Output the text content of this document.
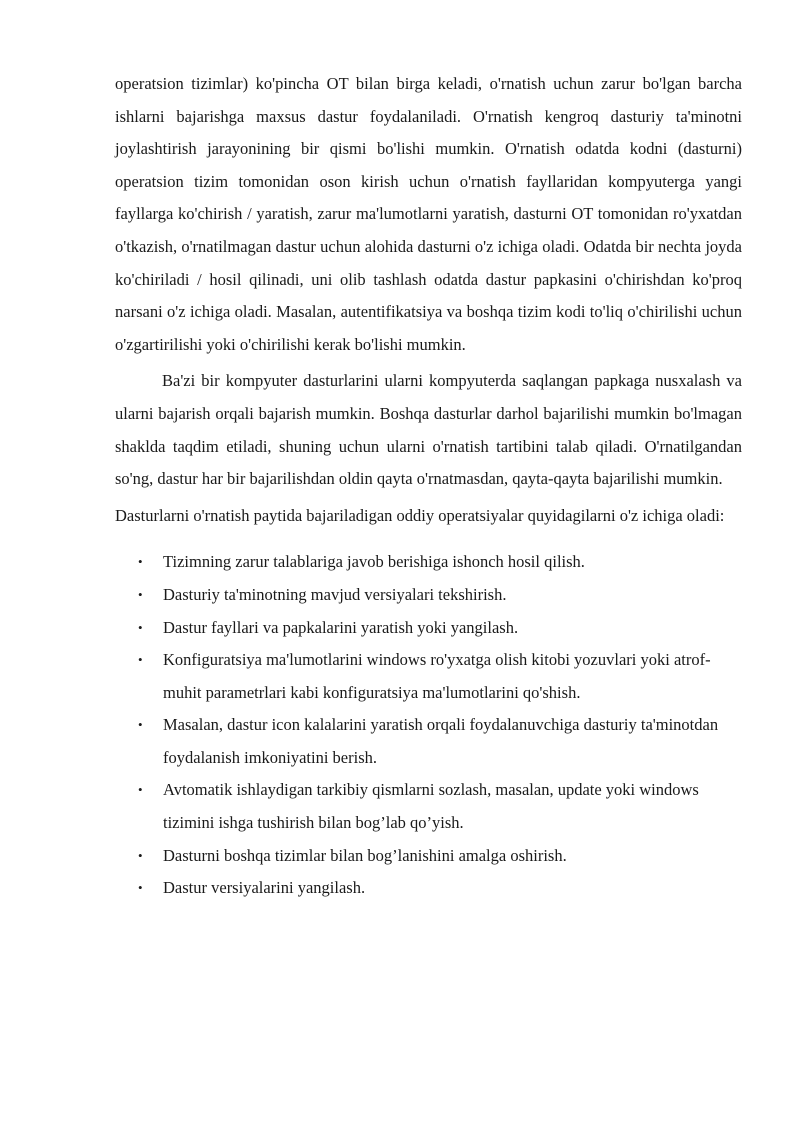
operatsion tizimlar) ko'pincha OT bilan birga keladi, o'rnatish uchun zarur bo'lgan barcha ishlarni bajarishga maxsus dastur foydalaniladi. O'rnatish kengroq dasturiy ta'minotni joylashtirish jarayonining bir qismi bo'lishi mumkin. O'rnatish odatda kodni (dasturni) operatsion tizim tomonidan oson kirish uchun o'rnatish fayllaridan kompyuterga yangi fayllarga ko'chirish / yaratish, zarur ma'lumotlarni yaratish, dasturni OT tomonidan ro'yxatdan o'tkazish, o'rnatilmagan dastur uchun alohida dasturni o'z ichiga oladi. Odatda bir nechta joyda ko'chiriladi / hosil qilinadi, uni olib tashlash odatda dastur papkasini o'chirishdan ko'proq narsani o'z ichiga oladi. Masalan, autentifikatsiya va boshqa tizim kodi to'liq o'chirilishi uchun o'zgartirilishi yoki o'chirilishi kerak bo'lishi mumkin.

Ba'zi bir kompyuter dasturlarini ularni kompyuterda saqlangan papkaga nusxalash va ularni bajarish orqali bajarish mumkin. Boshqa dasturlar darhol bajarilishi mumkin bo'lmagan shaklda taqdim etiladi, shuning uchun ularni o'rnatish tartibini talab qiladi. O'rnatilgandan so'ng, dastur har bir bajarilishdan oldin qayta o'rnatmasdan, qayta-qayta bajarilishi mumkin.

Dasturlarni o'rnatish paytida bajariladigan oddiy operatsiyalar quyidagilarni o'z ichiga oladi:

• Tizimning zarur talablariga javob berishiga ishonch hosil qilish.
• Dasturiy ta'minotning mavjud versiyalari tekshirish.
• Dastur fayllari va papkalarini yaratish yoki yangilash.
• Konfiguratsiya ma'lumotlarini windows ro'yxatga olish kitobi yozuvlari yoki atrof-muhit parametrlari kabi konfiguratsiya ma'lumotlarini qo'shish.
• Masalan, dastur icon kalalarini yaratish orqali foydalanuvchiga dasturiy ta'minotdan foydalanish imkoniyatini berish.
• Avtomatik ishlaydigan tarkibiy qismlarni sozlash, masalan, update yoki windows tizimini ishga tushirish bilan bog’lab qo’yish.
• Dasturni boshqa tizimlar bilan bog’lanishini amalga oshirish.
• Dastur versiyalarini yangilash.
